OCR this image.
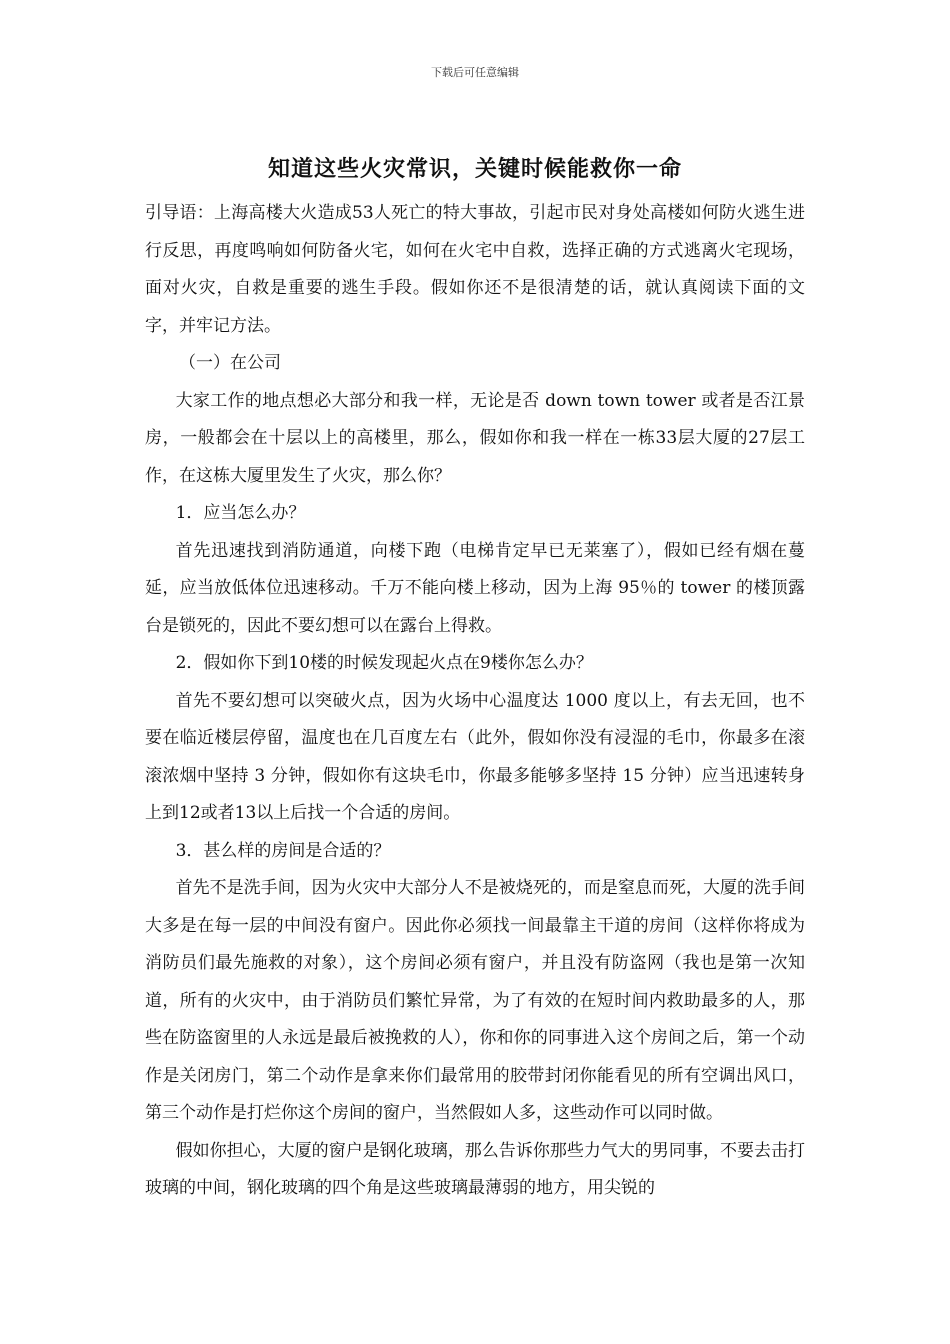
下载后可任意编辑
知道这些火灾常识，关键时候能救你一命

引导语：上海高楼大火造成53人死亡的特大事故，引起市民对身处高楼如何防火逃生进行反思，再度鸣响如何防备火宅，如何在火宅中自救，选择正确的方式逃离火宅现场，面对火灾，自救是重要的逃生手段。假如你还不是很清楚的话，就认真阅读下面的文字，并牢记方法。

（一）在公司

大家工作的地点想必大部分和我一样，无论是否 down town tower 或者是否江景房，一般都会在十层以上的高楼里，那么，假如你和我一样在一栋33层大厦的27层工作，在这栋大厦里发生了火灾，那么你？

1．应当怎么办？

首先迅速找到消防通道，向楼下跑（电梯肯定早已无莱塞了），假如已经有烟在蔓延，应当放低体位迅速移动。千万不能向楼上移动，因为上海 95％的 tower 的楼顶露台是锁死的，因此不要幻想可以在露台上得救。

2．假如你下到10楼的时候发现起火点在9楼你怎么办？

首先不要幻想可以突破火点，因为火场中心温度达 1000 度以上，有去无回，也不要在临近楼层停留，温度也在几百度左右（此外，假如你没有浸湿的毛巾，你最多在滚滚浓烟中坚持 3 分钟，假如你有这块毛巾，你最多能够多坚持 15 分钟）应当迅速转身上到12或者13以上后找一个合适的房间。

3．甚么样的房间是合适的？

首先不是洗手间，因为火灾中大部分人不是被烧死的，而是窒息而死，大厦的洗手间大多是在每一层的中间没有窗户。因此你必须找一间最靠主干道的房间（这样你将成为消防员们最先施救的对象），这个房间必须有窗户，并且没有防盗网（我也是第一次知道，所有的火灾中，由于消防员们繁忙异常，为了有效的在短时间内救助最多的人，那些在防盗窗里的人永远是最后被挽救的人），你和你的同事进入这个房间之后，第一个动作是关闭房门，第二个动作是拿来你们最常用的胶带封闭你能看见的所有空调出风口，第三个动作是打烂你这个房间的窗户，当然假如人多，这些动作可以同时做。

假如你担心，大厦的窗户是钢化玻璃，那么告诉你那些力气大的男同事，不要去击打玻璃的中间，钢化玻璃的四个角是这些玻璃最薄弱的地方，用尖锐的
